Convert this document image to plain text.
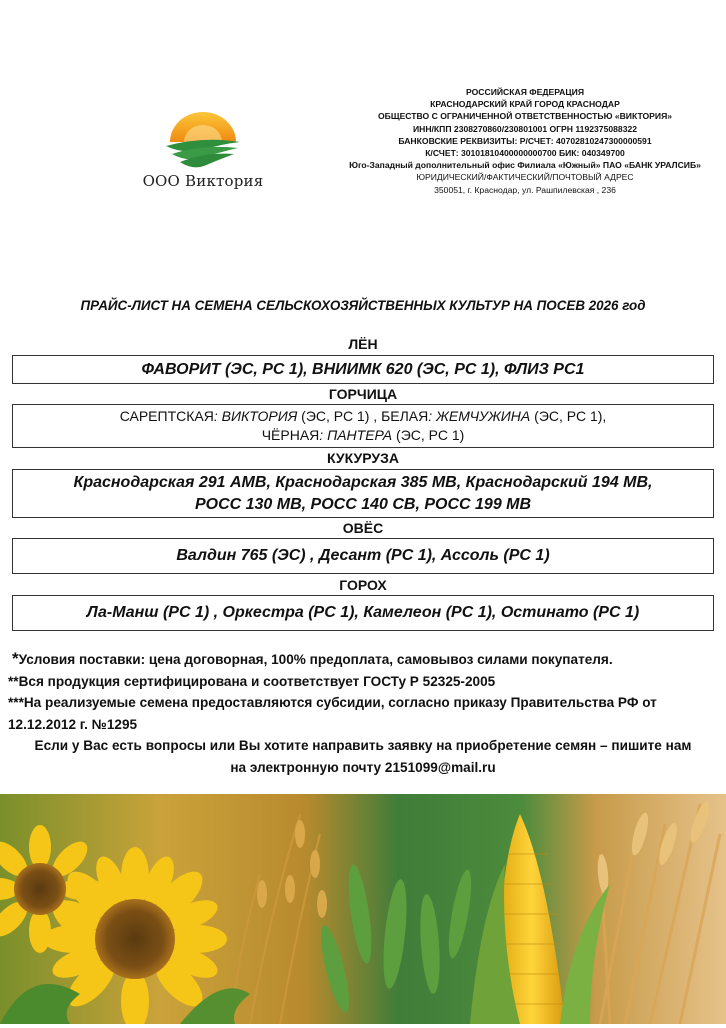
ООО Виктория
РОССИЙСКАЯ ФЕДЕРАЦИЯ
КРАСНОДАРСКИЙ КРАЙ ГОРОД КРАСНОДАР
ОБЩЕСТВО С ОГРАНИЧЕННОЙ ОТВЕТСТВЕННОСТЬЮ «ВИКТОРИЯ»
ИНН/КПП 2308270860/230801001 ОГРН 1192375088322
БАНКОВСКИЕ РЕКВИЗИТЫ: Р/СЧЕТ: 40702810247300000591
К/СЧЕТ: 30101810400000000700 БИК: 040349700
Юго-Западный дополнительный офис Филиала «Южный» ПАО «БАНК УРАЛСИБ»
ЮРИДИЧЕСКИЙ/ФАКТИЧЕСКИЙ/ПОЧТОВЫЙ АДРЕС
350051, г. Краснодар, ул. Рашпилевская , 236
ПРАЙС-ЛИСТ НА СЕМЕНА СЕЛЬСКОХОЗЯЙСТВЕННЫХ КУЛЬТУР НА ПОСЕВ 2026 год
ЛЁН
ФАВОРИТ (ЭС, РС 1), ВНИИМК 620 (ЭС, РС 1), ФЛИЗ РС1
ГОРЧИЦА
САРЕПТСКАЯ: ВИКТОРИЯ (ЭС, РС 1) , БЕЛАЯ: ЖЕМЧУЖИНА (ЭС, РС 1),
ЧЁРНАЯ: ПАНТЕРА (ЭС, РС 1)
КУКУРУЗА
Краснодарская 291 АМВ, Краснодарская 385 МВ, Краснодарский 194 МВ,
РОСС 130 МВ, РОСС 140 СВ, РОСС 199 МВ
ОВЁС
Валдин 765 (ЭС) , Десант (РС 1), Ассоль (РС 1)
ГОРОХ
Ла-Манш (РС 1) , Оркестра (РС 1), Камелеон (РС 1), Остинато (РС 1)
*Условия поставки: цена договорная, 100% предоплата, самовывоз силами покупателя.
**Вся продукция сертифицирована и соответствует ГОСТу Р 52325-2005
***На реализуемые семена предоставляются субсидии, согласно приказу Правительства РФ от
12.12.2012 г. №1295
Если у Вас есть вопросы или Вы хотите направить заявку на приобретение семян – пишите нам
на электронную почту 2151099@mail.ru
